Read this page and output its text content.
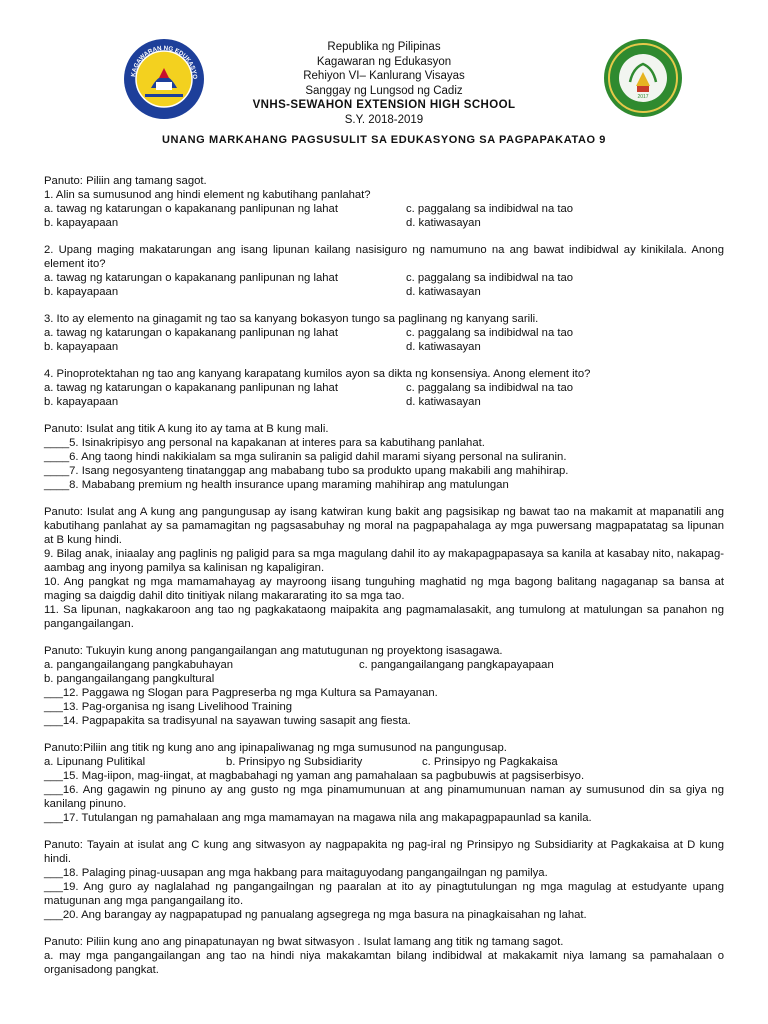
KAGAWARAN NG EDUKASYO
2017
Republika ng Pilipinas
Kagawaran ng Edukasyon
Rehiyon VI– Kanlurang Visayas
Sanggay ng Lungsod ng Cadiz
VNHS-SEWAHON EXTENSION HIGH SCHOOL
S.Y. 2018-2019
UNANG MARKAHANG PAGSUSULIT SA EDUKASYONG SA PAGPAPAKATAO 9

Panuto: Piliin ang tamang sagot.

1. Alin sa sumusunod ang hindi element ng kabutihang panlahat?

a. tawag ng katarungan o kapakanang panlipunan ng lahat	c. paggalang sa indibidwal na tao
b. kapayapaan	d. katiwasayan

2. Upang maging makatarungan ang isang lipunan kailang nasisiguro ng namumuno na ang bawat indibidwal ay kinikilala. Anong element ito?

a. tawag ng katarungan o kapakanang panlipunan ng lahat	c. paggalang sa indibidwal na tao
b. kapayapaan	d. katiwasayan

3. Ito ay elemento na ginagamit ng tao sa kanyang bokasyon tungo sa paglinang ng kanyang sarili.

a. tawag ng katarungan o kapakanang panlipunan ng lahat	c. paggalang sa indibidwal na tao
b. kapayapaan	d. katiwasayan

4. Pinoprotektahan ng tao ang kanyang karapatang kumilos ayon sa dikta ng konsensiya. Anong element ito?

a. tawag ng katarungan o kapakanang panlipunan ng lahat	c. paggalang sa indibidwal na tao
b. kapayapaan	d. katiwasayan

Panuto: Isulat ang titik A kung ito ay tama at B kung mali.

____5. Isinakripisyo ang personal na kapakanan at interes para sa kabutihang panlahat.

____6. Ang taong hindi nakikialam sa mga suliranin sa paligid dahil marami siyang personal na suliranin.

____7. Isang negosyanteng tinatanggap ang mababang tubo sa produkto upang makabili ang mahihirap.

____8. Mababang premium ng health insurance upang maraming mahihirap ang matulungan

Panuto: Isulat ang A kung ang pangungusap ay isang katwiran kung bakit ang pagsisikap ng bawat tao na makamit at mapanatili ang kabutihang panlahat ay sa pamamagitan ng pagsasabuhay ng moral na pagpapahalaga ay mga puwersang magpapatatag sa lipunan at B kung hindi.

9. Bilag anak, iniaalay ang paglinis ng paligid para sa mga magulang dahil ito ay makapagpapasaya sa kanila at kasabay nito, nakapag-aambag ang inyong pamilya sa kalinisan ng kapaligiran.

10. Ang pangkat ng mga mamamahayag ay mayroong iisang tunguhing maghatid ng mga bagong balitang nagaganap sa bansa at maging sa daigdig dahil dito tinitiyak nilang makararating ito sa mga tao.

11. Sa lipunan, nagkakaroon ang tao ng pagkakataong maipakita ang pagmamalasakit, ang tumulong at matulungan sa panahon ng pangangailangan.

Panuto: Tukuyin kung anong pangangailangan ang matutugunan ng proyektong isasagawa.

a. pangangailangang pangkabuhayan	c. pangangailangang pangkapayapaan

b. pangangailangang pangkultural

___12. Paggawa ng Slogan para Pagpreserba ng mga Kultura sa Pamayanan.

___13. Pag-organisa ng isang Livelihood Training

___14. Pagpapakita sa tradisyunal na sayawan tuwing sasapit ang fiesta.

Panuto:Piliin ang titik ng kung ano ang ipinapaliwanag ng mga sumusunod na pangungusap.

a. Lipunang Pulitikal	b. Prinsipyo ng Subsidiarity	c. Prinsipyo ng Pagkakaisa

___15. Mag-iipon, mag-iingat, at magbabahagi ng yaman ang pamahalaan sa pagbubuwis at pagsiserbisyo.

___16. Ang gagawin ng pinuno ay ang gusto ng mga pinamumunuan at ang pinamumunuan naman ay sumusunod din sa giya ng kanilang pinuno.

___17. Tutulangan ng pamahalaan ang mga mamamayan na magawa nila ang makapagpapaunlad sa kanila.

Panuto: Tayain at isulat ang C kung ang sitwasyon ay nagpapakita ng pag-iral ng Prinsipyo ng Subsidiarity at Pagkakaisa at D kung hindi.

___18. Palaging pinag-uusapan ang mga hakbang para maitaguyodang pangangailngan ng pamilya.

___19. Ang guro ay naglalahad ng pangangailngan ng paaralan at ito ay pinagtutulungan ng mga magulag at estudyante upang matugunan ang mga pangangailang ito.

___20. Ang barangay ay nagpapatupad ng panualang agsegrega ng mga basura na pinagkaisahan ng lahat.

Panuto: Piliin kung ano ang pinapatunayan ng bwat sitwasyon . Isulat lamang ang titik ng tamang sagot.

a. may mga pangangailangan ang tao na hindi niya makakamtan bilang indibidwal at makakamit niya lamang sa pamahalaan o organisadong pangkat.
